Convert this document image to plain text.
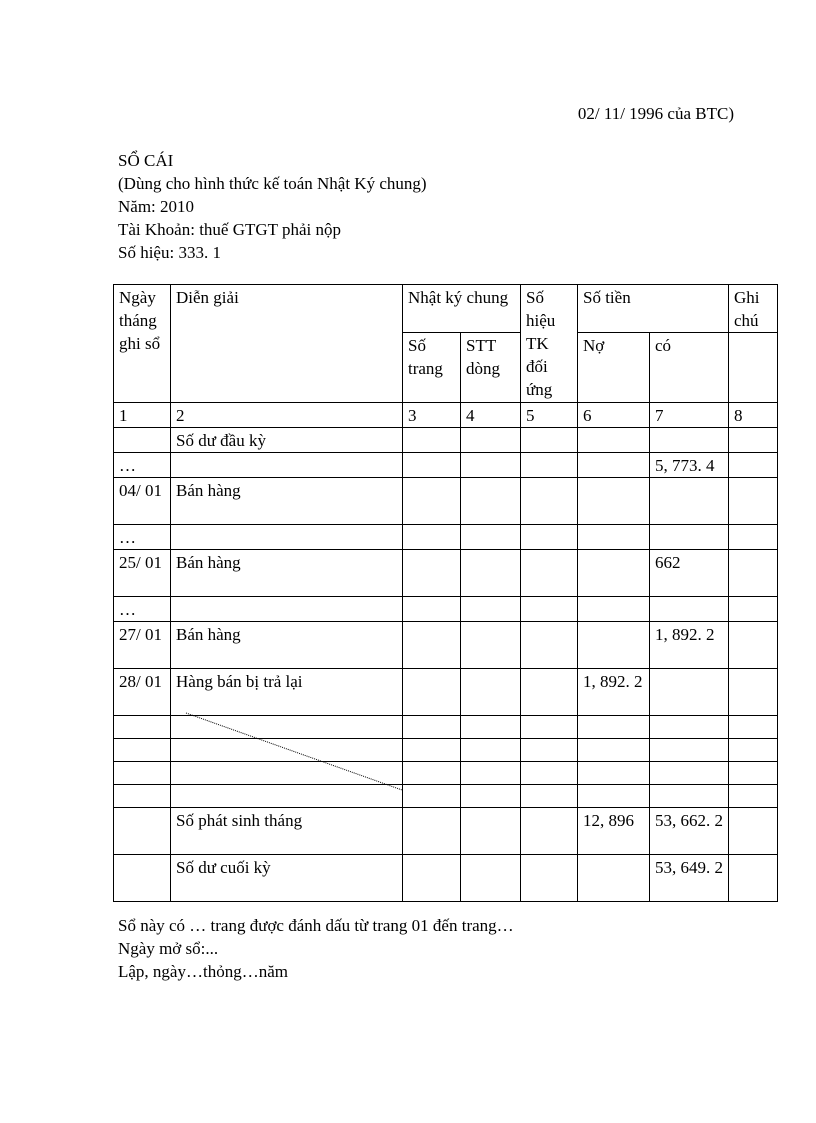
02/ 11/ 1996 của BTC)
SỔ CÁI
(Dùng cho hình thức kế toán Nhật Ký chung)
Năm: 2010
Tài Khoản: thuế GTGT phải nộp
Số hiệu: 333. 1
Ngày tháng ghi sổ	Diễn giải	Nhật ký chung		Số hiệu TK đối ứng	Số tiền		Ghi chú
		Số trang	STT dòng		Nợ	có	
1	2	3	4	5	6	7	8
	Số dư đầu kỳ						
…						5, 773. 4	
04/ 01	Bán hàng						
…							
25/ 01	Bán hàng					662	
…							
27/ 01	Bán hàng					1, 892. 2	
28/ 01	Hàng bán bị trả lại				1, 892. 2		

	Số phát sinh tháng				12, 896	53, 662. 2	
	Số dư cuối kỳ					53, 649. 2	
Sổ này có … trang được đánh dấu từ trang 01 đến trang…
Ngày mở sổ:...
Lập, ngày…thỏng…năm
